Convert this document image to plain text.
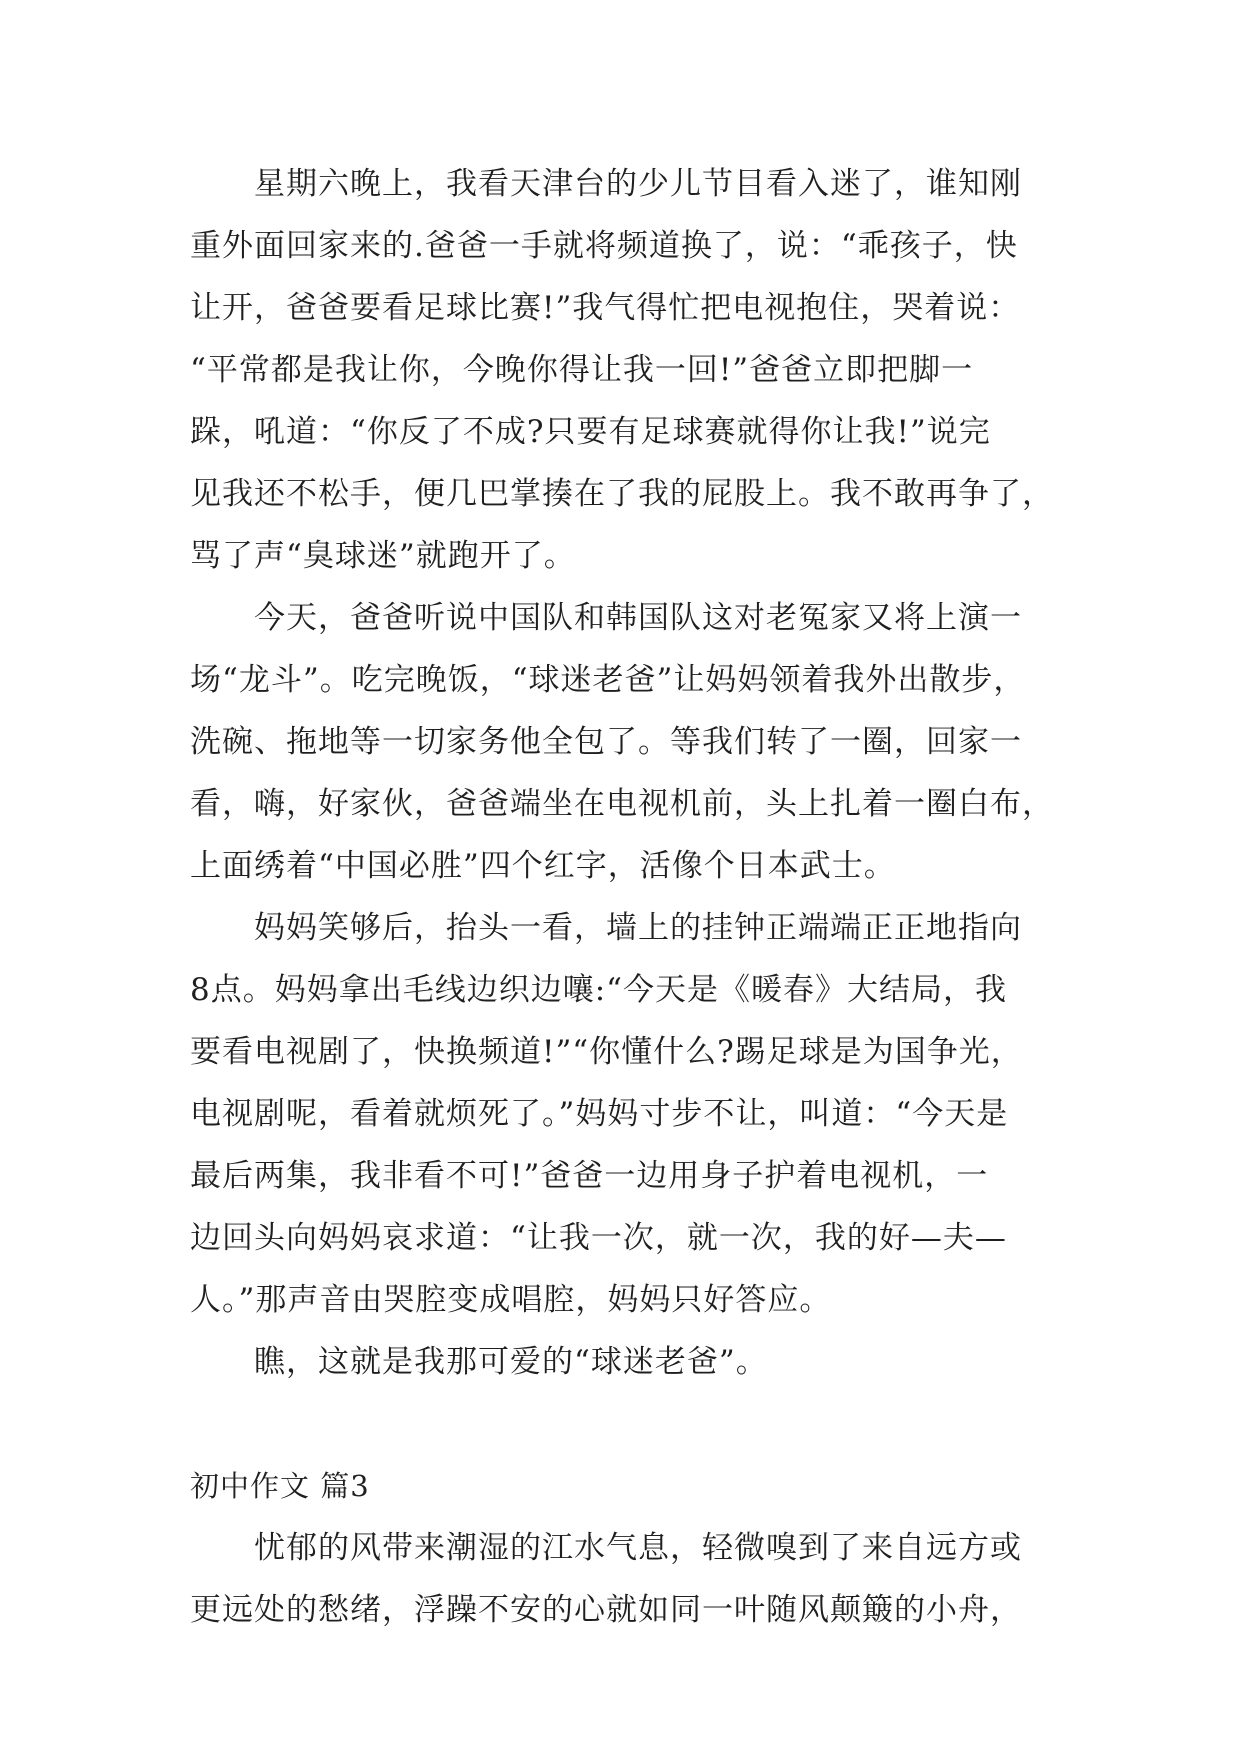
星期六晚上，我看天津台的少儿节目看入迷了，谁知刚
重外面回家来的.爸爸一手就将频道换了，说：“乖孩子，快
让开，爸爸要看足球比赛!”我气得忙把电视抱住，哭着说：
“平常都是我让你，今晚你得让我一回!”爸爸立即把脚一
跺，吼道：“你反了不成?只要有足球赛就得你让我!”说完
见我还不松手，便几巴掌揍在了我的屁股上。我不敢再争了，
骂了声“臭球迷”就跑开了。
今天，爸爸听说中国队和韩国队这对老冤家又将上演一
场“龙斗”。吃完晚饭，“球迷老爸”让妈妈领着我外出散步，
洗碗、拖地等一切家务他全包了。等我们转了一圈，回家一
看，嗨，好家伙，爸爸端坐在电视机前，头上扎着一圈白布，
上面绣着“中国必胜”四个红字，活像个日本武士。
妈妈笑够后，抬头一看，墙上的挂钟正端端正正地指向
8点。妈妈拿出毛线边织边嚷:“今天是《暖春》大结局，我
要看电视剧了，快换频道!”“你懂什么?踢足球是为国争光，
电视剧呢，看着就烦死了。”妈妈寸步不让，叫道：“今天是
最后两集，我非看不可!”爸爸一边用身子护着电视机，一
边回头向妈妈哀求道：“让我一次，就一次，我的好—夫—
人。”那声音由哭腔变成唱腔，妈妈只好答应。
瞧，这就是我那可爱的“球迷老爸”。
初中作文 篇3
忧郁的风带来潮湿的江水气息，轻微嗅到了来自远方或
更远处的愁绪，浮躁不安的心就如同一叶随风颠簸的小舟，
